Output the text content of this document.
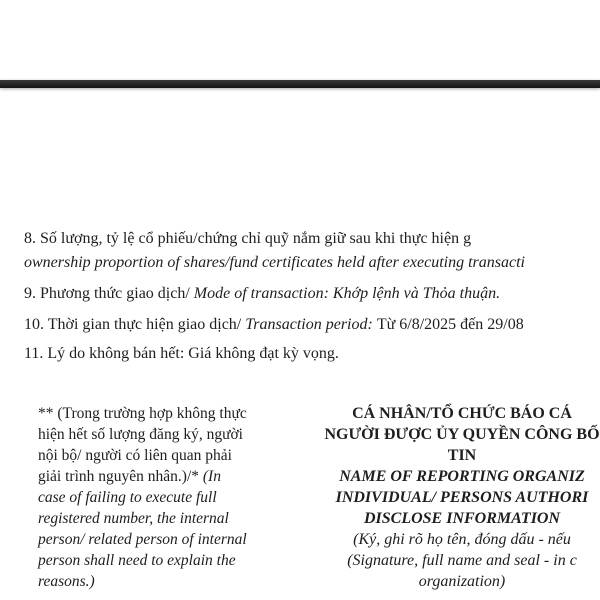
8. Số lượng, tỷ lệ cổ phiếu/chứng chỉ quỹ nắm giữ sau khi thực hiện g
ownership proportion of shares/fund certificates held after executing transacti
9. Phương thức giao dịch/ Mode of transaction: Khớp lệnh và Thỏa thuận.
10. Thời gian thực hiện giao dịch/ Transaction period: Từ 6/8/2025 đến 29/08
11. Lý do không bán hết: Giá không đạt kỳ vọng.
** (Trong trường hợp không thực
hiện hết số lượng đăng ký, người
nội bộ/ người có liên quan phải
giải trình nguyên nhân.)/* (In
case of failing to execute full
registered number, the internal
person/ related person of internal
person shall need to explain the
reasons.)
CÁ NHÂN/TỔ CHỨC BÁO CÁ
NGƯỜI ĐƯỢC ỦY QUYỀN CÔNG BỐ
TIN
NAME OF REPORTING ORGANIZ
INDIVIDUAL/ PERSONS AUTHORI
DISCLOSE INFORMATION
(Ký, ghi rõ họ tên, đóng dấu - nếu
(Signature, full name and seal - in c
organization)
